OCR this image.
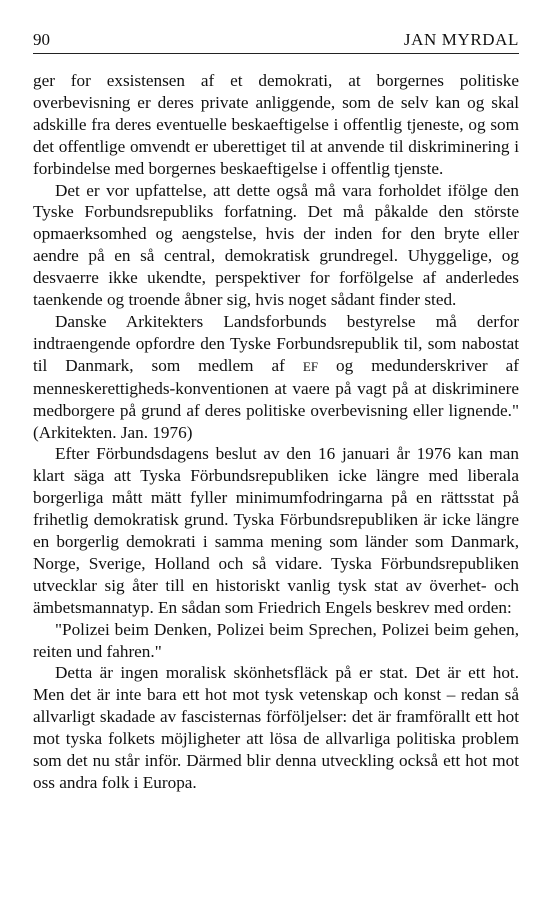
90	JAN MYRDAL

ger for exsistensen af et demokrati, at borgernes politiske overbevisning er deres private anliggende, som de selv kan og skal adskille fra deres eventuelle beskaeftigelse i offentlig tjeneste, og som det offentlige omvendt er uberettiget til at anvende til diskriminering i forbindelse med borgernes beskaeftigelse i offentlig tjenste.

Det er vor upfattelse, att dette også må vara forholdet ifölge den Tyske Forbundsrepubliks forfatning. Det må påkalde den störste opmaerksomhed og aengstelse, hvis der inden for den bryte eller aendre på en så central, demokratisk grundregel. Uhyggelige, og desvaerre ikke ukendte, perspektiver for forfölgelse af anderledes taenkende og troende åbner sig, hvis noget sådant finder sted.

Danske Arkitekters Landsforbunds bestyrelse må derfor indtraengende opfordre den Tyske Forbundsrepublik til, som nabostat til Danmark, som medlem af EF og medunderskriver af menneskerettigheds-konventionen at vaere på vagt på at diskriminere medborgere på grund af deres politiske overbevisning eller lignende." (Arkitekten. Jan. 1976)

Efter Förbundsdagens beslut av den 16 januari år 1976 kan man klart säga att Tyska Förbundsrepubliken icke längre med liberala borgerliga mått mätt fyller minimumfodringarna på en rättsstat på frihetlig demokratisk grund. Tyska Förbundsrepubliken är icke längre en borgerlig demokrati i samma mening som länder som Danmark, Norge, Sverige, Holland och så vidare. Tyska Förbundsrepubliken utvecklar sig åter till en historiskt vanlig tysk stat av överhet- och ämbetsmannatyp. En sådan som Friedrich Engels beskrev med orden:

"Polizei beim Denken, Polizei beim Sprechen, Polizei beim gehen, reiten und fahren."

Detta är ingen moralisk skönhetsfläck på er stat. Det är ett hot. Men det är inte bara ett hot mot tysk vetenskap och konst – redan så allvarligt skadade av fascisternas förföljelser: det är framförallt ett hot mot tyska folkets möjligheter att lösa de allvarliga politiska problem som det nu står inför. Därmed blir denna utveckling också ett hot mot oss andra folk i Europa.
